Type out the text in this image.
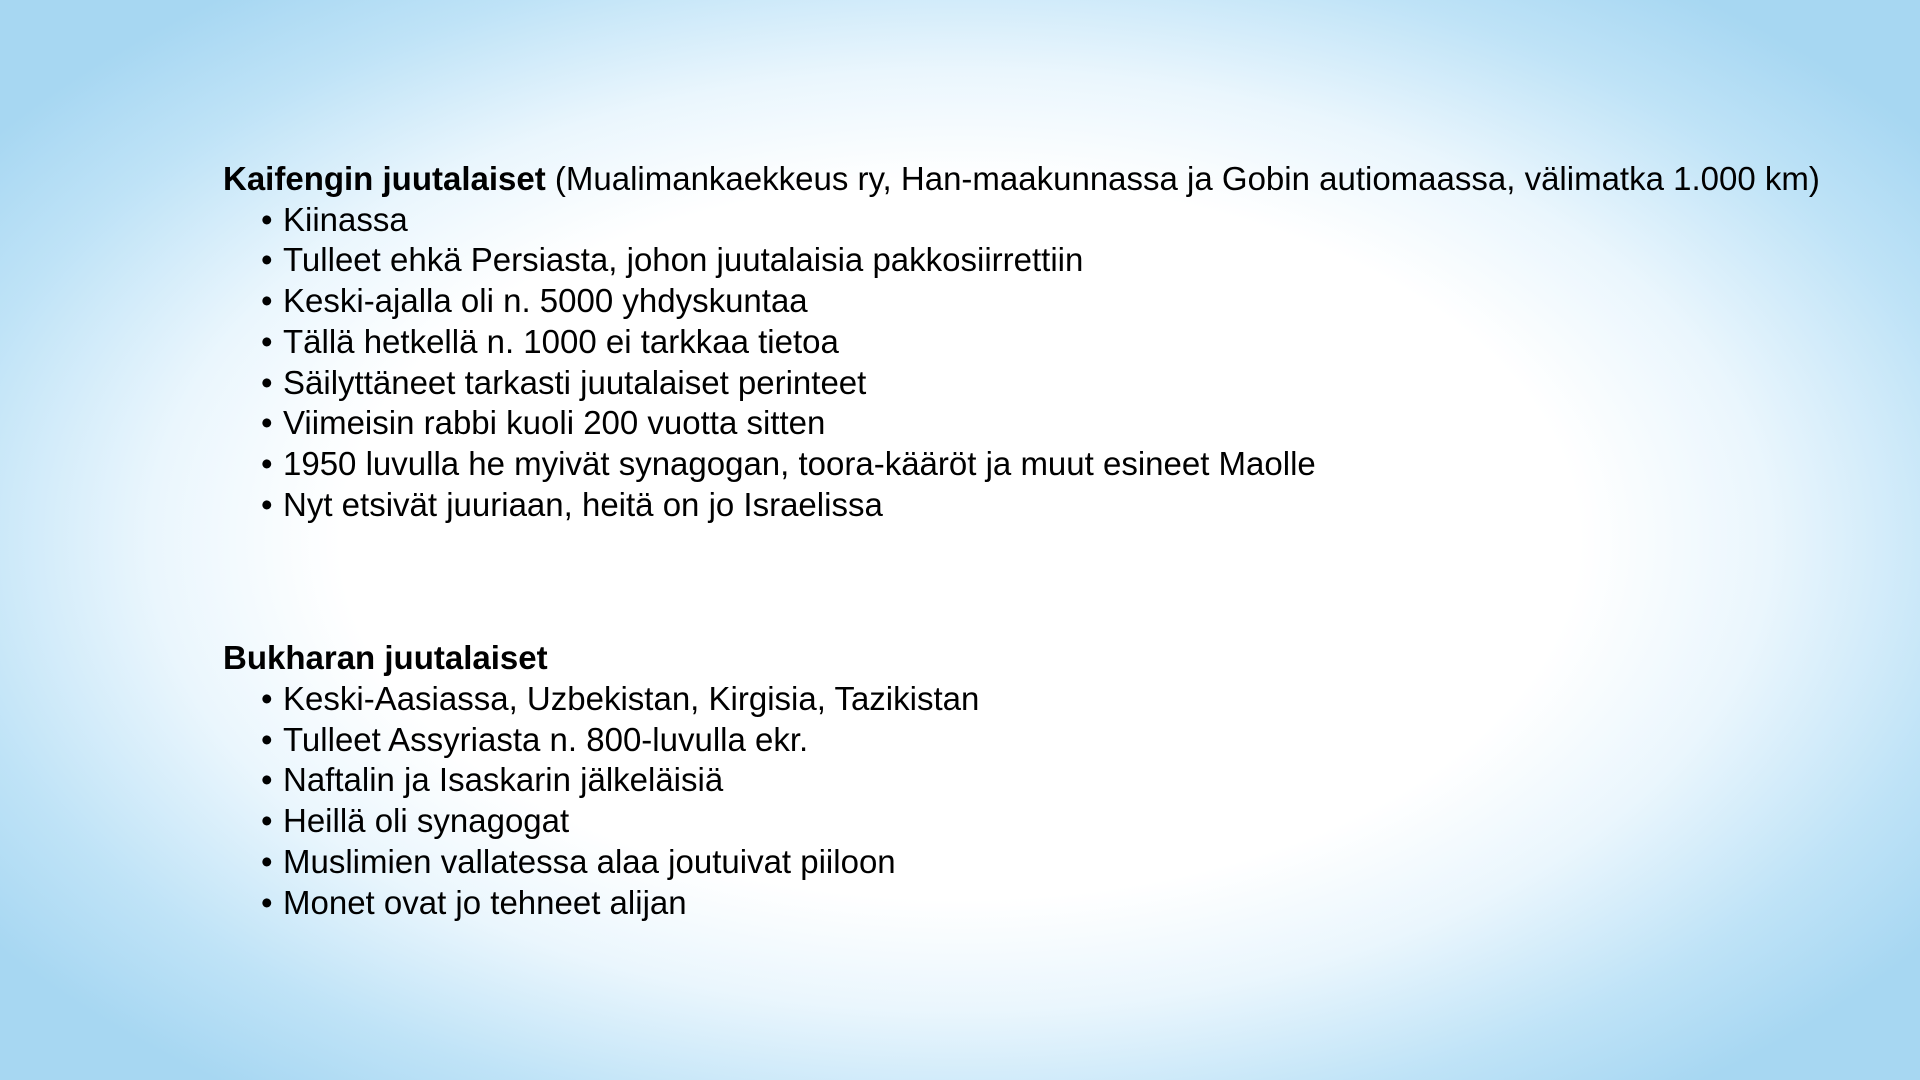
Kaifengin juutalaiset (Mualimankaekkeus ry, Han-maakunnassa ja Gobin autiomaassa, välimatka 1.000 km)

• Kiinassa
• Tulleet ehkä Persiasta, johon juutalaisia pakkosiirrettiin
• Keski-ajalla oli n. 5000 yhdyskuntaa
• Tällä hetkellä n. 1000 ei tarkkaa tietoa
• Säilyttäneet tarkasti juutalaiset perinteet
• Viimeisin rabbi kuoli 200 vuotta sitten
• 1950 luvulla he myivät synagogan, toora-kääröt ja muut esineet Maolle
• Nyt etsivät juuriaan, heitä on jo Israelissa

Bukharan juutalaiset

• Keski-Aasiassa, Uzbekistan, Kirgisia, Tazikistan
• Tulleet Assyriasta n. 800-luvulla ekr.
• Naftalin ja Isaskarin jälkeläisiä
• Heillä oli synagogat
• Muslimien vallatessa alaa joutuivat piiloon
• Monet ovat jo tehneet alijan
